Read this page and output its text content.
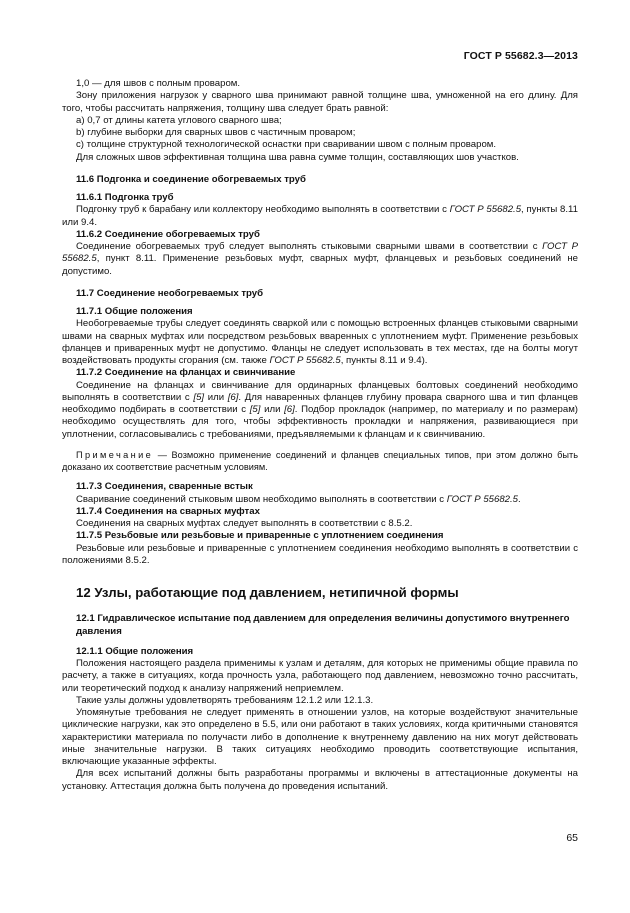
ГОСТ Р 55682.3—2013

1,0 — для швов с полным проваром.

Зону приложения нагрузок у сварного шва принимают равной толщине шва, умноженной на его длину. Для того, чтобы рассчитать напряжения, толщину шва следует брать равной:

a) 0,7 от длины катета углового сварного шва;

b) глубине выборки для сварных швов с частичным проваром;

c) толщине структурной технологической оснастки при сваривании швом с полным проваром.

Для сложных швов эффективная толщина шва равна сумме толщин, составляющих шов участков.

11.6 Подгонка и соединение обогреваемых труб

11.6.1 Подгонка труб

Подгонку труб к барабану или коллектору необходимо выполнять в соответствии с ГОСТ Р 55682.5, пункты 8.11 или 9.4.

11.6.2 Соединение обогреваемых труб

Соединение обогреваемых труб следует выполнять стыковыми сварными швами в соответствии с ГОСТ Р 55682.5, пункт 8.11. Применение резьбовых муфт, сварных муфт, фланцевых и резьбовых соединений не допустимо.

11.7 Соединение необогреваемых труб

11.7.1 Общие положения

Необогреваемые трубы следует соединять сваркой или с помощью встроенных фланцев стыковыми сварными швами на сварных муфтах или посредством резьбовых вваренных с уплотнением муфт. Применение резьбовых фланцев и приваренных муфт не допустимо. Фланцы не следует использовать в тех местах, где на болты могут воздействовать продукты сгорания (см. также ГОСТ Р 55682.5, пункты 8.11 и 9.4).

11.7.2 Соединение на фланцах и свинчивание

Соединение на фланцах и свинчивание для ординарных фланцевых болтовых соединений необходимо выполнять в соответствии с [5] или [6]. Для наваренных фланцев глубину провара сварного шва и тип фланцев необходимо подбирать в соответствии с [5] или [6]. Подбор прокладок (например, по материалу и по размерам) необходимо осуществлять для того, чтобы эффективность прокладки и напряжения, развивающиеся при уплотнении, согласовывались с требованиями, предъявляемыми к фланцам и к свинчиванию.

Примечание — Возможно применение соединений и фланцев специальных типов, при этом должно быть доказано их соответствие расчетным условиям.

11.7.3 Соединения, сваренные встык

Сваривание соединений стыковым швом необходимо выполнять в соответствии с ГОСТ Р 55682.5.

11.7.4 Соединения на сварных муфтах

Соединения на сварных муфтах следует выполнять в соответствии с 8.5.2.

11.7.5 Резьбовые или резьбовые и приваренные с уплотнением соединения

Резьбовые или резьбовые и приваренные с уплотнением соединения необходимо выполнять в соответствии с положениями 8.5.2.

12 Узлы, работающие под давлением, нетипичной формы

12.1 Гидравлическое испытание под давлением для определения величины допустимого внутреннего давления

12.1.1 Общие положения

Положения настоящего раздела применимы к узлам и деталям, для которых не применимы общие правила по расчету, а также в ситуациях, когда прочность узла, работающего под давлением, невозможно точно рассчитать, или теоретический подход к анализу напряжений неприемлем.

Такие узлы должны удовлетворять требованиям 12.1.2 или 12.1.3.

Упомянутые требования не следует применять в отношении узлов, на которые воздействуют значительные циклические нагрузки, как это определено в 5.5, или они работают в таких условиях, когда критичными становятся характеристики материала по получасти либо в дополнение к внутреннему давлению на них могут действовать иные значительные нагрузки. В таких ситуациях необходимо проводить соответствующие испытания, включающие указанные эффекты.

Для всех испытаний должны быть разработаны программы и включены в аттестационные документы на установку. Аттестация должна быть получена до проведения испытаний.

65
